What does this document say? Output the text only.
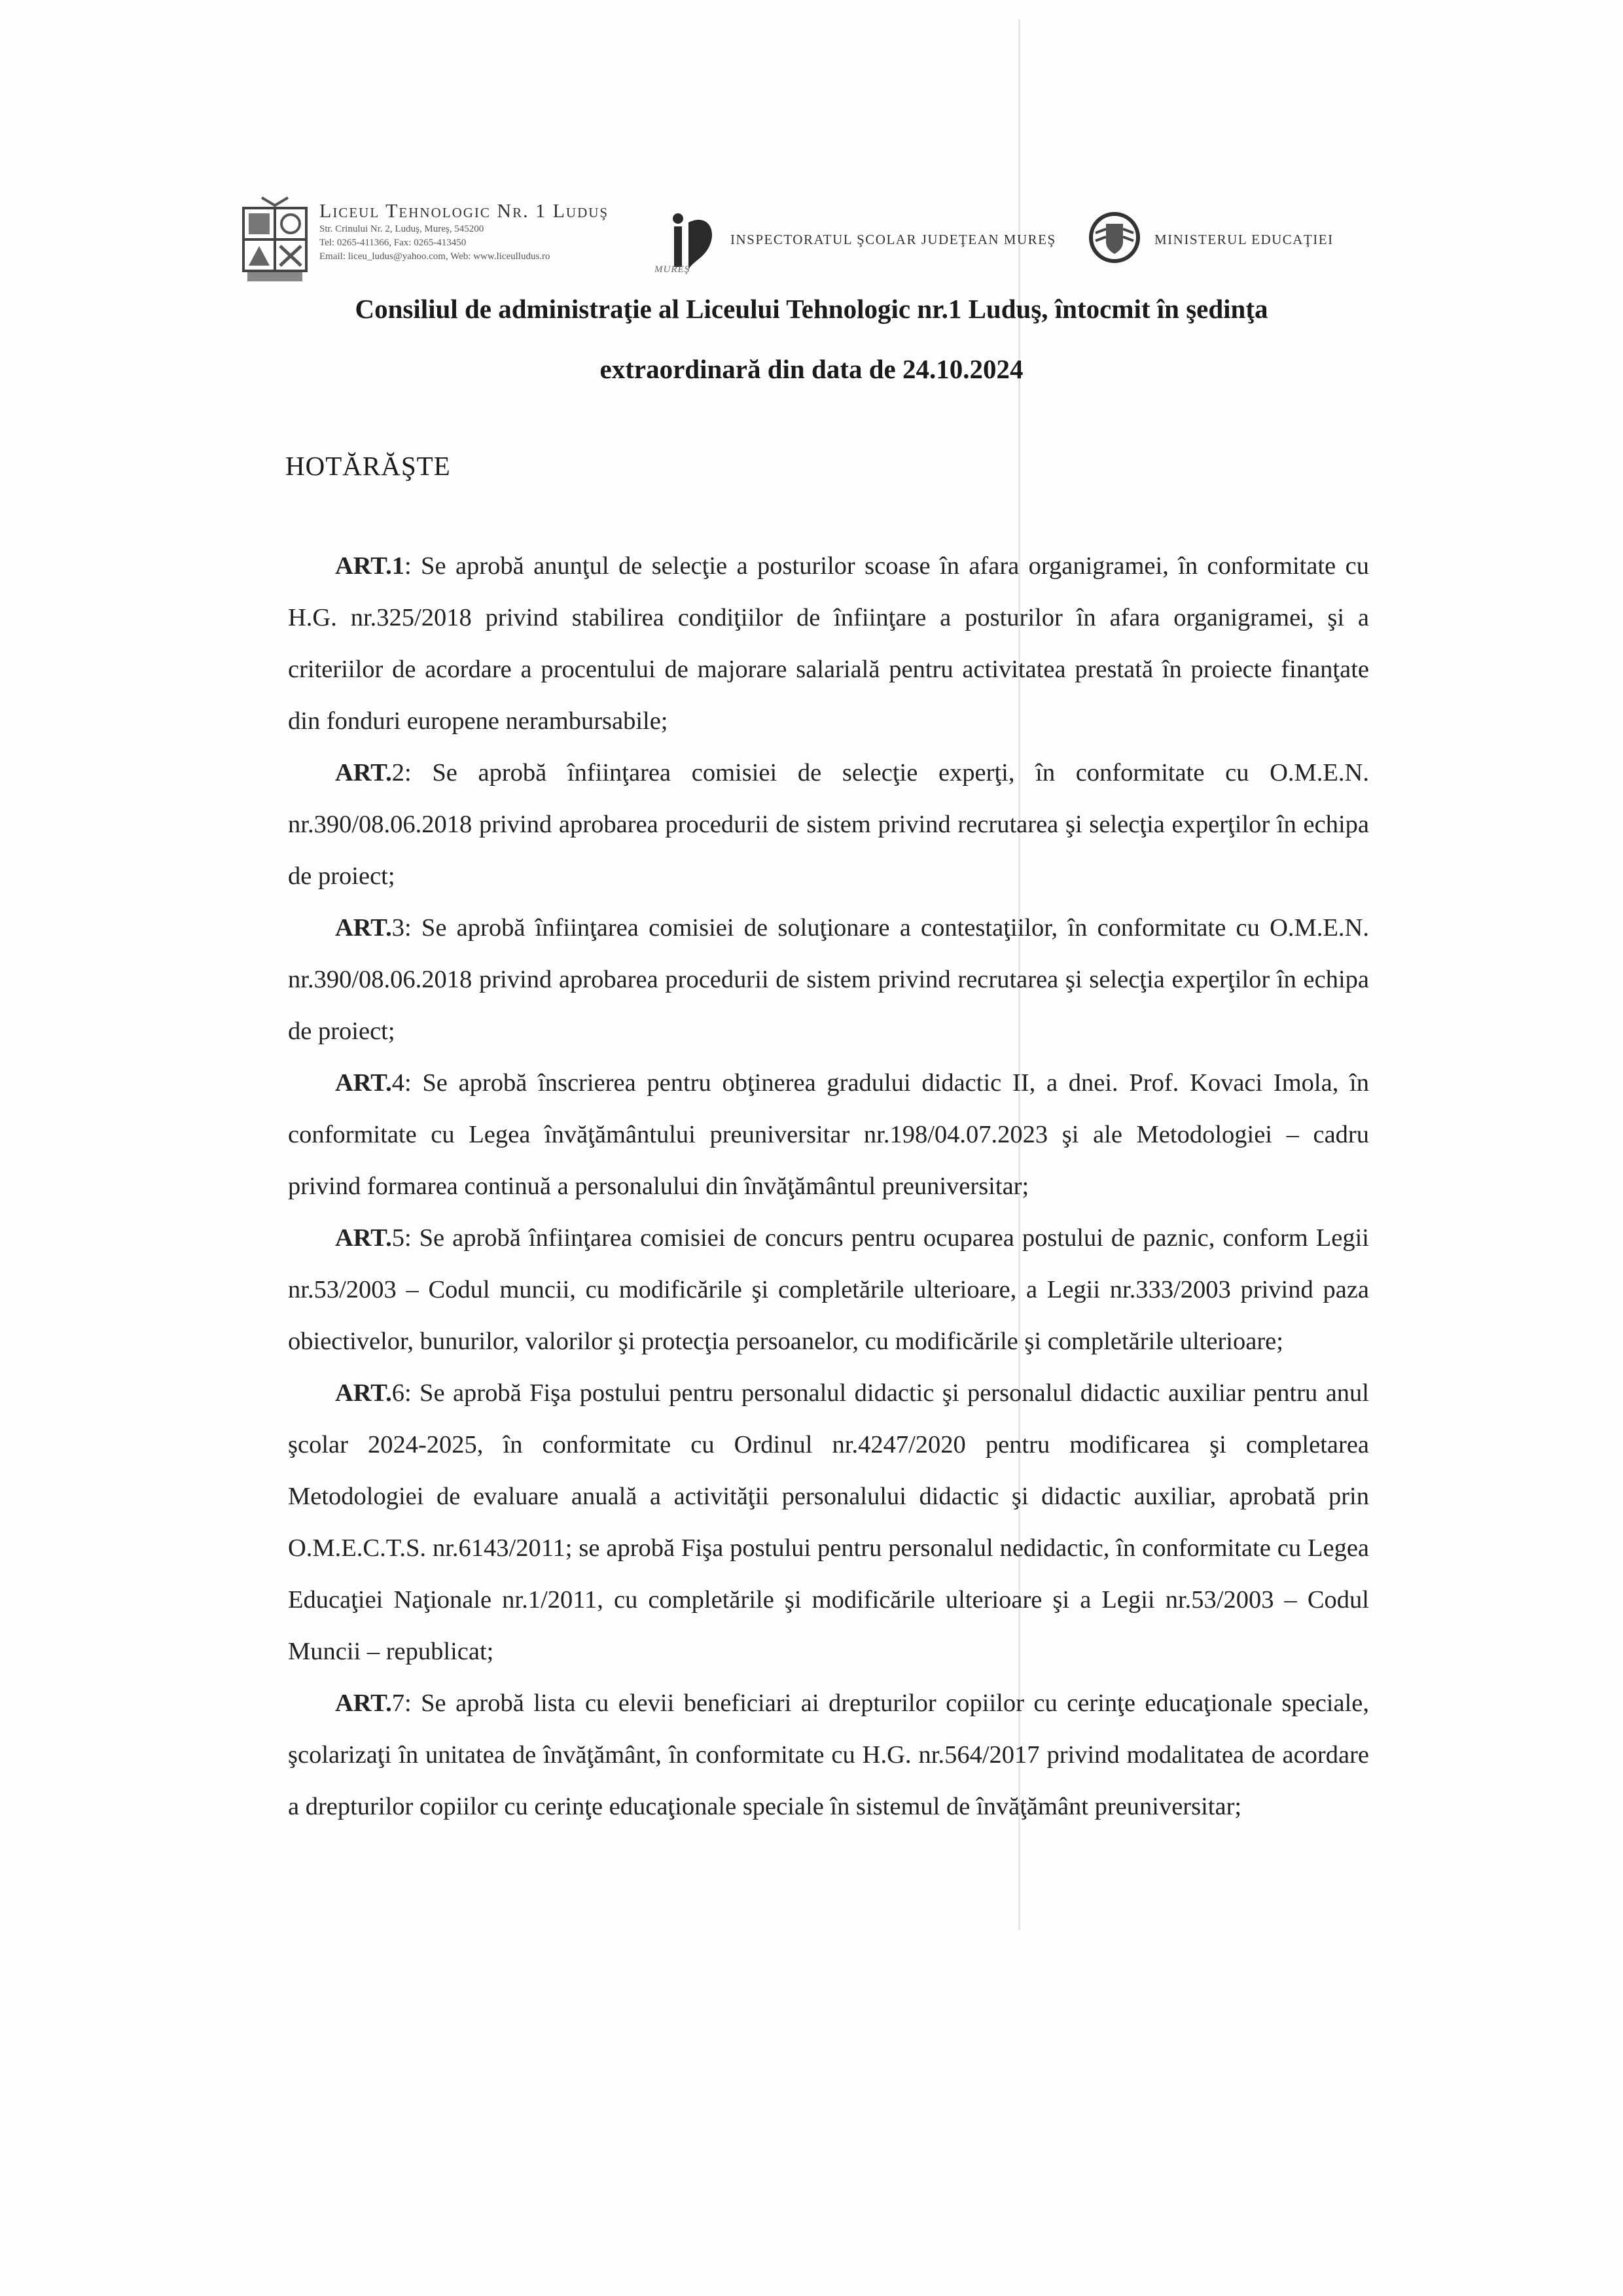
Liceul Tehnologic Nr. 1 Luduş
Str. Crinului Nr. 2, Luduş, Mureş, 545200
Tel: 0265-411366, Fax: 0265-413450
Email: liceu_ludus@yahoo.com, Web: www.liceulludus.ro
INSPECTORATUL ŞCOLAR JUDEŢEAN MUREŞ
MUREŞ
MINISTERUL EDUCAŢIEI
Consiliul de administraţie al Liceului Tehnologic nr.1 Luduş, întocmit în şedinţa
extraordinară din data de 24.10.2024
HOTĂRĂŞTE

ART.1: Se aprobă anunţul de selecţie a posturilor scoase în afara organigramei, în conformitate cu H.G. nr.325/2018 privind stabilirea condiţiilor de înfiinţare a posturilor în afara organigramei, şi a criteriilor de acordare a procentului de majorare salarială pentru activitatea prestată în proiecte finanţate din fonduri europene nerambursabile;

ART.2: Se aprobă înfiinţarea comisiei de selecţie experţi, în conformitate cu O.M.E.N. nr.390/08.06.2018 privind aprobarea procedurii de sistem privind recrutarea şi selecţia experţilor în echipa de proiect;

ART.3: Se aprobă înfiinţarea comisiei de soluţionare a contestaţiilor, în conformitate cu O.M.E.N. nr.390/08.06.2018 privind aprobarea procedurii de sistem privind recrutarea şi selecţia experţilor în echipa de proiect;

ART.4: Se aprobă înscrierea pentru obţinerea gradului didactic II, a dnei. Prof. Kovaci Imola, în conformitate cu Legea învăţământului preuniversitar nr.198/04.07.2023 şi ale Metodologiei – cadru privind formarea continuă a personalului din învăţământul preuniversitar;

ART.5: Se aprobă înfiinţarea comisiei de concurs pentru ocuparea postului de paznic, conform Legii nr.53/2003 – Codul muncii, cu modificările şi completările ulterioare, a Legii nr.333/2003 privind paza obiectivelor, bunurilor, valorilor şi protecţia persoanelor, cu modificările şi completările ulterioare;

ART.6: Se aprobă Fişa postului pentru personalul didactic şi personalul didactic auxiliar pentru anul şcolar 2024-2025, în conformitate cu Ordinul nr.4247/2020 pentru modificarea şi completarea Metodologiei de evaluare anuală a activităţii personalului didactic şi didactic auxiliar, aprobată prin O.M.E.C.T.S. nr.6143/2011; se aprobă Fişa postului pentru personalul nedidactic, în conformitate cu Legea Educaţiei Naţionale nr.1/2011, cu completările şi modificările ulterioare şi a Legii nr.53/2003 – Codul Muncii – republicat;

ART.7: Se aprobă lista cu elevii beneficiari ai drepturilor copiilor cu cerinţe educaţionale speciale, şcolarizaţi în unitatea de învăţământ, în conformitate cu H.G. nr.564/2017 privind modalitatea de acordare a drepturilor copiilor cu cerinţe educaţionale speciale în sistemul de învăţământ preuniversitar;
